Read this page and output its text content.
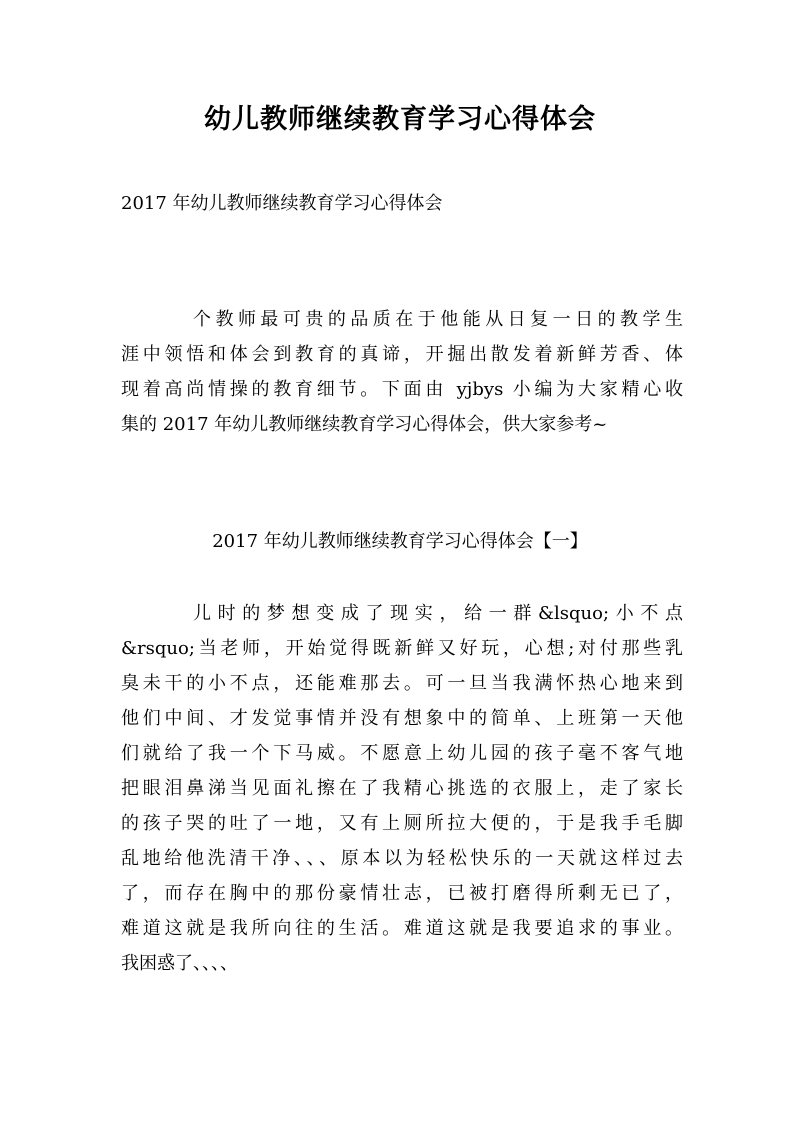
幼儿教师继续教育学习心得体会
2017 年幼儿教师继续教育学习心得体会
个教师最可贵的品质在于他能从日复一日的教学生
涯中领悟和体会到教育的真谛，开掘出散发着新鲜芳香、体
现着高尚情操的教育细节。下面由 yjbys 小编为大家精心收
集的 2017 年幼儿教师继续教育学习心得体会，供大家参考~
2017 年幼儿教师继续教育学习心得体会【一】
儿时的梦想变成了现实，给一群&lsquo;小不点
&rsquo;当老师，开始觉得既新鲜又好玩，心想;对付那些乳
臭未干的小不点，还能难那去。可一旦当我满怀热心地来到
他们中间、才发觉事情并没有想象中的简单、上班第一天他
们就给了我一个下马威。不愿意上幼儿园的孩子毫不客气地
把眼泪鼻涕当见面礼擦在了我精心挑选的衣服上，走了家长
的孩子哭的吐了一地，又有上厕所拉大便的，于是我手毛脚
乱地给他洗清干净、、、原本以为轻松快乐的一天就这样过去
了，而存在胸中的那份豪情壮志，已被打磨得所剩无已了，
难道这就是我所向往的生活。难道这就是我要追求的事业。
我困惑了、、、、
